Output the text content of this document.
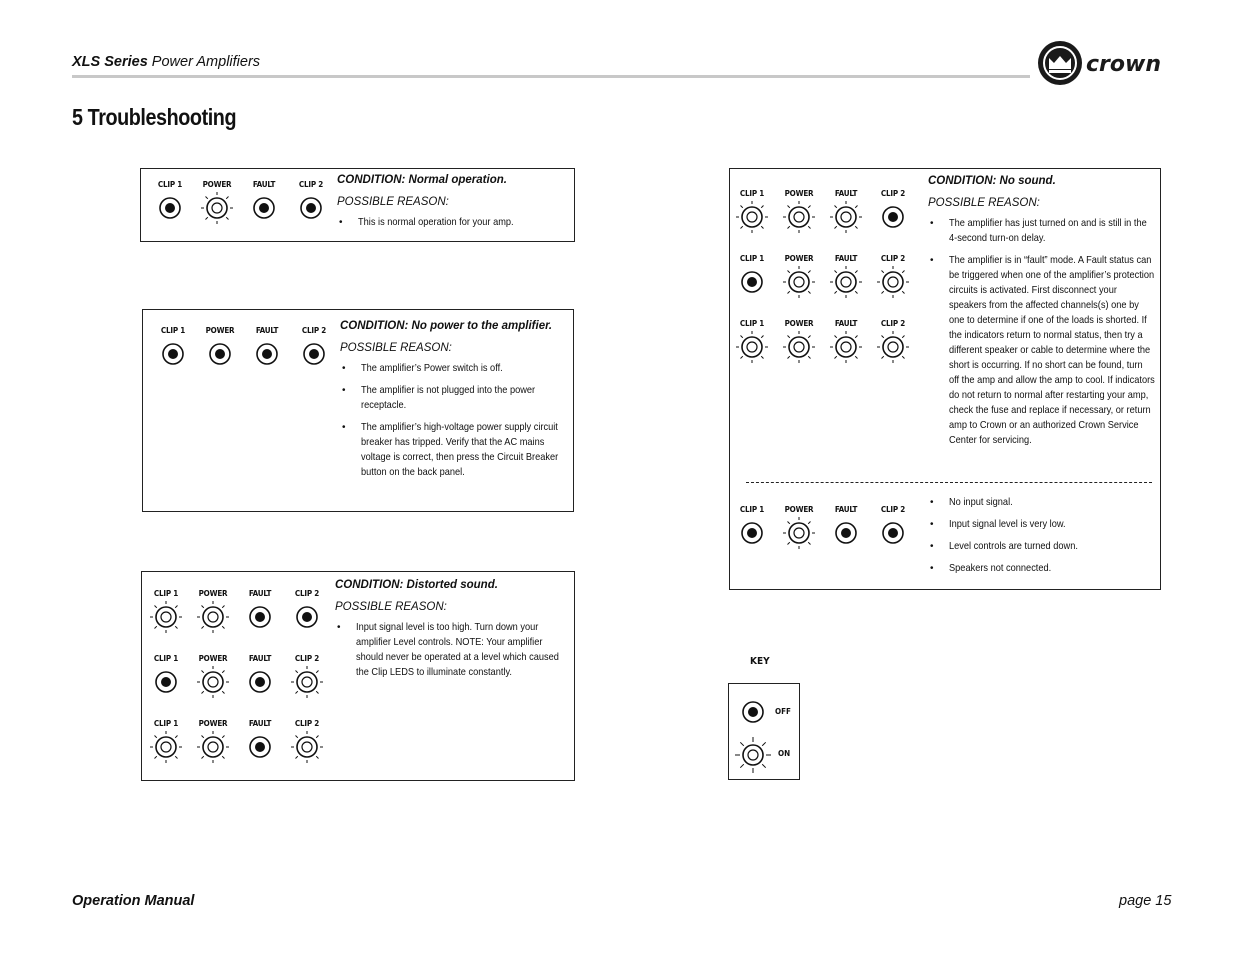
XLS Series Power Amplifiers	crown
5 Troubleshooting
CLIP 1	POWER	FAULT	CLIP 2	CONDITION: Normal operation.
POSSIBLE REASON:
• This is normal operation for your amp.
CLIP 1	POWER	FAULT	CLIP 2	CONDITION: No power to the amplifier.
POSSIBLE REASON:
• The amplifier’s Power switch is off.
• The amplifier is not plugged into the power receptacle.
• The amplifier’s high-voltage power supply circuit breaker has tripped. Verify that the AC mains voltage is correct, then press the Circuit Breaker button on the back panel.
CLIP 1	POWER	FAULT	CLIP 2
CLIP 1	POWER	FAULT	CLIP 2
CLIP 1	POWER	FAULT	CLIP 2
CONDITION: Distorted sound.
POSSIBLE REASON:
• Input signal level is too high. Turn down your amplifier Level controls. NOTE: Your amplifier should never be operated at a level which caused the Clip LEDS to illuminate constantly.
CLIP 1	POWER	FAULT	CLIP 2
CLIP 1	POWER	FAULT	CLIP 2
CLIP 1	POWER	FAULT	CLIP 2
CONDITION: No sound.
POSSIBLE REASON:
• The amplifier has just turned on and is still in the 4-second turn-on delay.
• The amplifier is in “fault” mode. A Fault status can be triggered when one of the amplifier’s protection circuits is activated. First disconnect your speakers from the affected channels(s) one by one to determine if one of the loads is shorted. If the indicators return to normal status, then try a different speaker or cable to determine where the short is occurring. If no short can be found, turn off the amp and allow the amp to cool. If indicators do not return to normal after restarting your amp, check the fuse and replace if necessary, or return amp to Crown or an authorized Crown Service Center for servicing.
CLIP 1	POWER	FAULT	CLIP 2
• No input signal.
• Input signal level is very low.
• Level controls are turned down.
• Speakers not connected.
KEY
OFF
ON
Operation Manual	page 15
